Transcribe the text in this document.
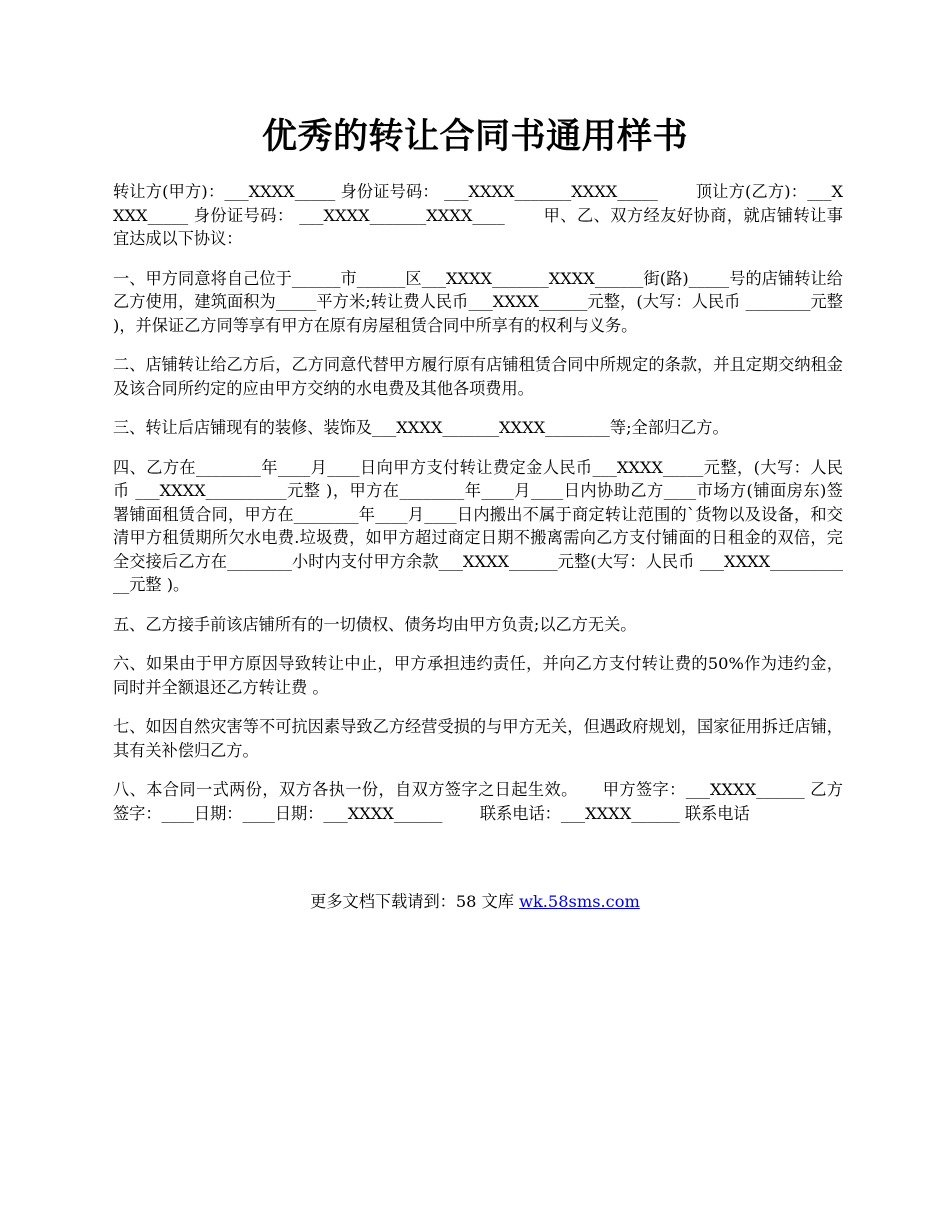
优秀的转让合同书通用样书

转让方(甲方)：___XXXX_____ 身份证号码： ___XXXX_______XXXX_____ 　　顶让方(乙方)：___XXXX_____ 身份证号码： ___XXXX_______XXXX____ 　　甲、乙、双方经友好协商，就店铺转让事宜达成以下协议：

一、甲方同意将自己位于______市______区___XXXX_______XXXX______街(路)_____号的店铺转让给乙方使用，建筑面积为_____平方米;转让费人民币___XXXX______元整，(大写：人民币 ________元整 )，并保证乙方同等享有甲方在原有房屋租赁合同中所享有的权利与义务。

二、店铺转让给乙方后，乙方同意代替甲方履行原有店铺租赁合同中所规定的条款，并且定期交纳租金及该合同所约定的应由甲方交纳的水电费及其他各项费用。

三、转让后店铺现有的装修、装饰及___XXXX_______XXXX________等;全部归乙方。

四、乙方在________年____月____日向甲方支付转让费定金人民币___XXXX_____元整，(大写：人民币 ___XXXX__________元整 )，甲方在________年____月____日内协助乙方____市场方(铺面房东)签署铺面租赁合同，甲方在________年____月____日内搬出不属于商定转让范围的`货物以及设备，和交清甲方租赁期所欠水电费.垃圾费，如甲方超过商定日期不搬离需向乙方支付铺面的日租金的双倍，完全交接后乙方在________小时内支付甲方余款___XXXX______元整(大写：人民币 ___XXXX___________元整 )。

五、乙方接手前该店铺所有的一切债权、债务均由甲方负责;以乙方无关。

六、如果由于甲方原因导致转让中止，甲方承担违约责任，并向乙方支付转让费的50%作为违约金，同时并全额退还乙方转让费 。

七、如因自然灾害等不可抗因素导致乙方经营受损的与甲方无关，但遇政府规划，国家征用拆迁店铺，其有关补偿归乙方。

八、本合同一式两份，双方各执一份，自双方签字之日起生效。　　甲方签字：___XXXX______ 乙方签字：____日期：____日期：___XXXX______ 　　联系电话：___XXXX______ 联系电话

更多文档下载请到：58 文库 wk.58sms.com
